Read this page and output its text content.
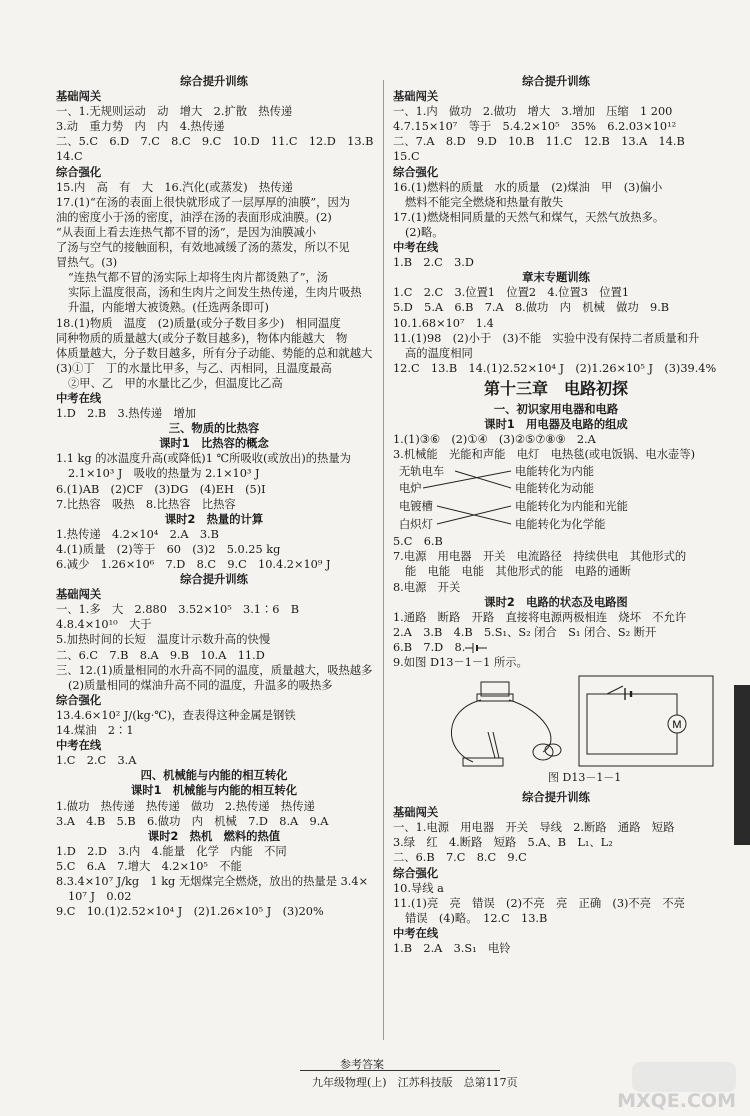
综合提升训练
基础闯关
一、1.无规则运动　动　增大　2.扩散　热传递
3.动　重力势　内　内　4.热传递
二、5.C　6.D　7.C　8.C　9.C　10.D　11.C　12.D　13.B
14.C
综合强化
15.内　高　有　大　16.汽化(或蒸发)　热传递
17.(1)“在汤的表面上很快就形成了一层厚厚的油膜”，因为
油的密度小于汤的密度，油浮在汤的表面形成油膜。(2)
“从表面上看去连热气都不冒的汤”，是因为油膜减小
了汤与空气的接触面积，有效地减缓了汤的蒸发，所以不见
冒热气。(3)
“连热气都不冒的汤实际上却将生肉片都烫熟了”，汤
实际上温度很高，汤和生肉片之间发生热传递，生肉片吸热
升温，内能增大被烫熟。(任选两条即可)
18.(1)物质　温度　(2)质量(或分子数目多少)　相同温度
同种物质的质量越大(或分子数目越多)，物体内能越大　物
体质量越大，分子数目越多，所有分子动能、势能的总和就越大
(3)①丁　丁的水量比甲多，与乙、丙相同，且温度最高
②甲、乙　甲的水量比乙少，但温度比乙高
中考在线
1.D　2.B　3.热传递　增加
三、物质的比热容
课时1　比热容的概念
1.1 kg 的冰温度升高(或降低)1 ℃所吸收(或放出)的热量为
2.1×10³ J　吸收的热量为 2.1×10³ J
6.(1)AB　(2)CF　(3)DG　(4)EH　(5)I
7.比热容　吸热　8.比热容　比热容
课时2　热量的计算
1.热传递　4.2×10⁴　2.A　3.B
4.(1)质量　(2)等于　60　(3)2　5.0.25 kg
6.减少　1.26×10⁶　7.D　8.C　9.C　10.4.2×10⁹ J
综合提升训练
基础闯关
一、1.多　大　2.880　3.52×10⁵　3.1∶6　B
4.8.4×10¹⁰　大于
5.加热时间的长短　温度计示数升高的快慢
二、6.C　7.B　8.A　9.B　10.A　11.D
三、12.(1)质量相同的水升高不同的温度，质量越大，吸热越多
(2)质量相同的煤油升高不同的温度，升温多的吸热多
综合强化
13.4.6×10² J/(kg·℃)，查表得这种金属是钢铁
14.煤油　2∶1
中考在线
1.C　2.C　3.A
四、机械能与内能的相互转化
课时1　机械能与内能的相互转化
1.做功　热传递　热传递　做功　2.热传递　热传递
3.A　4.B　5.B　6.做功　内　机械　7.D　8.A　9.A
课时2　热机　燃料的热值
1.D　2.D　3.内　4.能量　化学　内能　不同
5.C　6.A　7.增大　4.2×10⁵　不能
8.3.4×10⁷ J/kg　1 kg 无烟煤完全燃烧，放出的热量是 3.4×
10⁷ J　0.02
9.C　10.(1)2.52×10⁴ J　(2)1.26×10⁵ J　(3)20%
综合提升训练
基础闯关
一、1.内　做功　2.做功　增大　3.增加　压缩　1 200
4.7.15×10⁷　等于　5.4.2×10⁵　35%　6.2.03×10¹²
二、7.A　8.D　9.D　10.B　11.C　12.B　13.A　14.B
15.C
综合强化
16.(1)燃料的质量　水的质量　(2)煤油　甲　(3)偏小
燃料不能完全燃烧和热量有散失
17.(1)燃烧相同质量的天然气和煤气，天然气放热多。
(2)略。
中考在线
1.B　2.C　3.D
章末专题训练
1.C　2.C　3.位置1　位置2　4.位置3　位置1
5.D　5.A　6.B　7.A　8.做功　内　机械　做功　9.B
10.1.68×10⁷　1.4
11.(1)98　(2)小于　(3)不能　实验中没有保持二者质量和升
高的温度相同
12.C　13.B　14.(1)2.52×10⁴ J　(2)1.26×10⁵ J　(3)39.4%
第十三章　电路初探
一、初识家用电器和电路
课时1　用电器及电路的组成
1.(1)③⑥　(2)①④　(3)②⑤⑦⑧⑨　2.A
3.机械能　光能和声能　电灯　电热毯(或电饭锅、电水壶等)
无轨电车
电炉
电镀槽
白炽灯
电能转化为内能
电能转化为动能
电能转化为内能和光能
电能转化为化学能
5.C　6.B
7.电源　用电器　开关　电流路径　持续供电　其他形式的
能　电能　电能　其他形式的能　电路的通断
8.电源　开关
课时2　电路的状态及电路图
1.通路　断路　开路　直接将电源两极相连　烧坏　不允许
2.A　3.B　4.B　5.S₁、S₂ 闭合　S₁ 闭合、S₂ 断开
6.B　7.D　8.
9.如图 D13－1－1 所示。
M
图 D13－1－1
综合提升训练
基础闯关
一、1.电源　用电器　开关　导线　2.断路　通路　短路
3.绿　红　4.断路　短路　5.A、B　L₁、L₂
二、6.B　7.C　8.C　9.C
综合强化
10.导线 a
11.(1)亮　亮　错误　(2)不亮　亮　正确　(3)不亮　不亮
错误　(4)略。　12.C　13.B
中考在线
1.B　2.A　3.S₁　电铃
参考答案
九年级物理(上)　江苏科技版　总第117页
MXQE.COM
